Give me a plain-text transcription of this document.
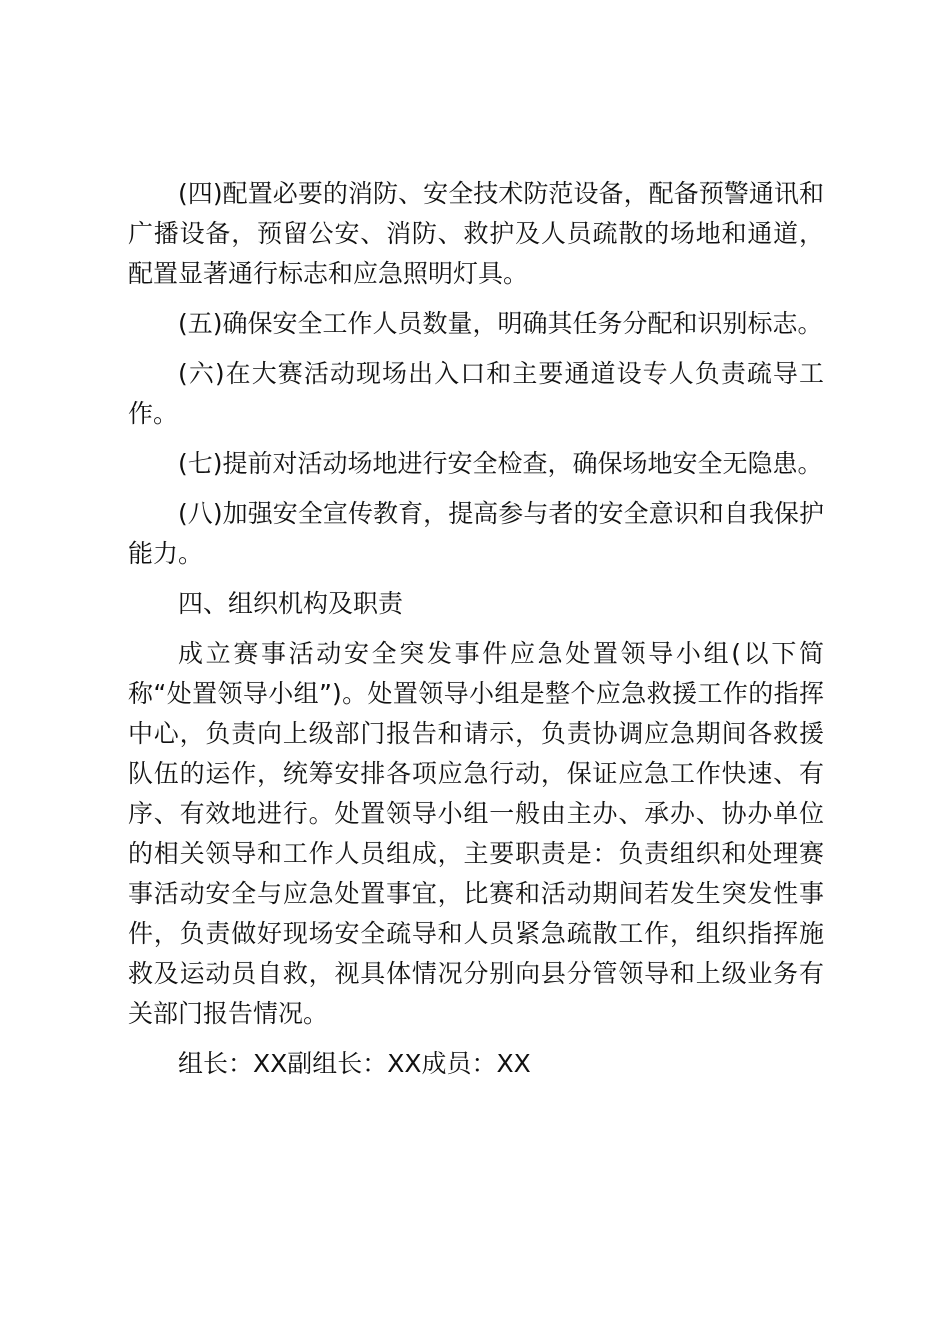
(四)配置必要的消防、安全技术防范设备，配备预警通讯和广播设备，预留公安、消防、救护及人员疏散的场地和通道，配置显著通行标志和应急照明灯具。

(五)确保安全工作人员数量，明确其任务分配和识别标志。

(六)在大赛活动现场出入口和主要通道设专人负责疏导工作。

(七)提前对活动场地进行安全检查，确保场地安全无隐患。

(八)加强安全宣传教育，提高参与者的安全意识和自我保护能力。

四、组织机构及职责

成立赛事活动安全突发事件应急处置领导小组(以下简称“处置领导小组”)。处置领导小组是整个应急救援工作的指挥中心，负责向上级部门报告和请示，负责协调应急期间各救援队伍的运作，统筹安排各项应急行动，保证应急工作快速、有序、有效地进行。处置领导小组一般由主办、承办、协办单位的相关领导和工作人员组成，主要职责是：负责组织和处理赛事活动安全与应急处置事宜，比赛和活动期间若发生突发性事件，负责做好现场安全疏导和人员紧急疏散工作，组织指挥施救及运动员自救，视具体情况分别向县分管领导和上级业务有关部门报告情况。

组长：XX副组长：XX成员：XX
